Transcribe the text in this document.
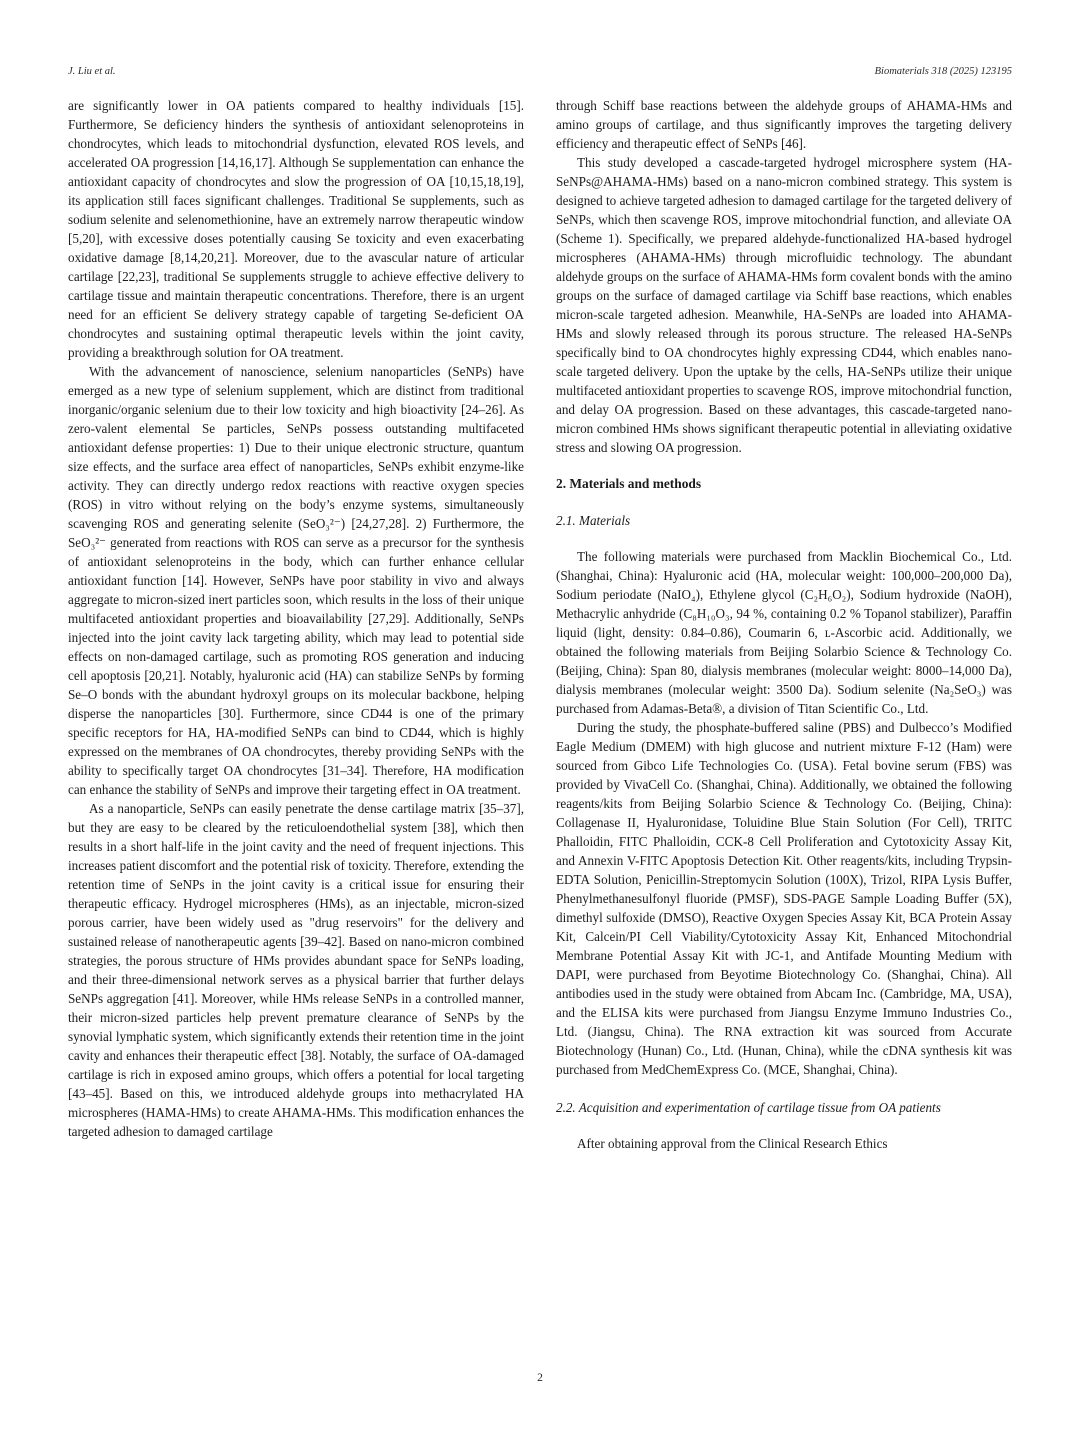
J. Liu et al.	Biomaterials 318 (2025) 123195

are significantly lower in OA patients compared to healthy individuals [15]. Furthermore, Se deficiency hinders the synthesis of antioxidant selenoproteins in chondrocytes, which leads to mitochondrial dysfunction, elevated ROS levels, and accelerated OA progression [14,16,17]. Although Se supplementation can enhance the antioxidant capacity of chondrocytes and slow the progression of OA [10,15,18,19], its application still faces significant challenges. Traditional Se supplements, such as sodium selenite and selenomethionine, have an extremely narrow therapeutic window [5,20], with excessive doses potentially causing Se toxicity and even exacerbating oxidative damage [8,14,20,21]. Moreover, due to the avascular nature of articular cartilage [22,23], traditional Se supplements struggle to achieve effective delivery to cartilage tissue and maintain therapeutic concentrations. Therefore, there is an urgent need for an efficient Se delivery strategy capable of targeting Se-deficient OA chondrocytes and sustaining optimal therapeutic levels within the joint cavity, providing a breakthrough solution for OA treatment.

With the advancement of nanoscience, selenium nanoparticles (SeNPs) have emerged as a new type of selenium supplement, which are distinct from traditional inorganic/organic selenium due to their low toxicity and high bioactivity [24–26]. As zero-valent elemental Se particles, SeNPs possess outstanding multifaceted antioxidant defense properties: 1) Due to their unique electronic structure, quantum size effects, and the surface area effect of nanoparticles, SeNPs exhibit enzyme-like activity. They can directly undergo redox reactions with reactive oxygen species (ROS) in vitro without relying on the body’s enzyme systems, simultaneously scavenging ROS and generating selenite (SeO₃²⁻) [24,27,28]. 2) Furthermore, the SeO₃²⁻ generated from reactions with ROS can serve as a precursor for the synthesis of antioxidant selenoproteins in the body, which can further enhance cellular antioxidant function [14]. However, SeNPs have poor stability in vivo and always aggregate to micron-sized inert particles soon, which results in the loss of their unique multifaceted antioxidant properties and bioavailability [27,29]. Additionally, SeNPs injected into the joint cavity lack targeting ability, which may lead to potential side effects on non-damaged cartilage, such as promoting ROS generation and inducing cell apoptosis [20,21]. Notably, hyaluronic acid (HA) can stabilize SeNPs by forming Se–O bonds with the abundant hydroxyl groups on its molecular backbone, helping disperse the nanoparticles [30]. Furthermore, since CD44 is one of the primary specific receptors for HA, HA-modified SeNPs can bind to CD44, which is highly expressed on the membranes of OA chondrocytes, thereby providing SeNPs with the ability to specifically target OA chondrocytes [31–34]. Therefore, HA modification can enhance the stability of SeNPs and improve their targeting effect in OA treatment.

As a nanoparticle, SeNPs can easily penetrate the dense cartilage matrix [35–37], but they are easy to be cleared by the reticuloendothelial system [38], which then results in a short half-life in the joint cavity and the need of frequent injections. This increases patient discomfort and the potential risk of toxicity. Therefore, extending the retention time of SeNPs in the joint cavity is a critical issue for ensuring their therapeutic efficacy. Hydrogel microspheres (HMs), as an injectable, micron-sized porous carrier, have been widely used as "drug reservoirs" for the delivery and sustained release of nanotherapeutic agents [39–42]. Based on nano-micron combined strategies, the porous structure of HMs provides abundant space for SeNPs loading, and their three-dimensional network serves as a physical barrier that further delays SeNPs aggregation [41]. Moreover, while HMs release SeNPs in a controlled manner, their micron-sized particles help prevent premature clearance of SeNPs by the synovial lymphatic system, which significantly extends their retention time in the joint cavity and enhances their therapeutic effect [38]. Notably, the surface of OA-damaged cartilage is rich in exposed amino groups, which offers a potential for local targeting [43–45]. Based on this, we introduced aldehyde groups into methacrylated HA microspheres (HAMA-HMs) to create AHAMA-HMs. This modification enhances the targeted adhesion to damaged cartilage

through Schiff base reactions between the aldehyde groups of AHAMA-HMs and amino groups of cartilage, and thus significantly improves the targeting delivery efficiency and therapeutic effect of SeNPs [46].

This study developed a cascade-targeted hydrogel microsphere system (HA-SeNPs@AHAMA-HMs) based on a nano-micron combined strategy. This system is designed to achieve targeted adhesion to damaged cartilage for the targeted delivery of SeNPs, which then scavenge ROS, improve mitochondrial function, and alleviate OA (Scheme 1). Specifically, we prepared aldehyde-functionalized HA-based hydrogel microspheres (AHAMA-HMs) through microfluidic technology. The abundant aldehyde groups on the surface of AHAMA-HMs form covalent bonds with the amino groups on the surface of damaged cartilage via Schiff base reactions, which enables micron-scale targeted adhesion. Meanwhile, HA-SeNPs are loaded into AHAMA-HMs and slowly released through its porous structure. The released HA-SeNPs specifically bind to OA chondrocytes highly expressing CD44, which enables nano-scale targeted delivery. Upon the uptake by the cells, HA-SeNPs utilize their unique multifaceted antioxidant properties to scavenge ROS, improve mitochondrial function, and delay OA progression. Based on these advantages, this cascade-targeted nano-micron combined HMs shows significant therapeutic potential in alleviating oxidative stress and slowing OA progression.

2. Materials and methods
2.1. Materials

The following materials were purchased from Macklin Biochemical Co., Ltd. (Shanghai, China): Hyaluronic acid (HA, molecular weight: 100,000–200,000 Da), Sodium periodate (NaIO₄), Ethylene glycol (C₂H₆O₂), Sodium hydroxide (NaOH), Methacrylic anhydride (C₈H₁₀O₃, 94 %, containing 0.2 % Topanol stabilizer), Paraffin liquid (light, density: 0.84–0.86), Coumarin 6, ʟ-Ascorbic acid. Additionally, we obtained the following materials from Beijing Solarbio Science & Technology Co. (Beijing, China): Span 80, dialysis membranes (molecular weight: 8000–14,000 Da), dialysis membranes (molecular weight: 3500 Da). Sodium selenite (Na₂SeO₃) was purchased from Adamas-Beta®, a division of Titan Scientific Co., Ltd.

During the study, the phosphate-buffered saline (PBS) and Dulbecco’s Modified Eagle Medium (DMEM) with high glucose and nutrient mixture F-12 (Ham) were sourced from Gibco Life Technologies Co. (USA). Fetal bovine serum (FBS) was provided by VivaCell Co. (Shanghai, China). Additionally, we obtained the following reagents/kits from Beijing Solarbio Science & Technology Co. (Beijing, China): Collagenase II, Hyaluronidase, Toluidine Blue Stain Solution (For Cell), TRITC Phalloidin, FITC Phalloidin, CCK-8 Cell Proliferation and Cytotoxicity Assay Kit, and Annexin V-FITC Apoptosis Detection Kit. Other reagents/kits, including Trypsin-EDTA Solution, Penicillin-Streptomycin Solution (100X), Trizol, RIPA Lysis Buffer, Phenylmethanesulfonyl fluoride (PMSF), SDS-PAGE Sample Loading Buffer (5X), dimethyl sulfoxide (DMSO), Reactive Oxygen Species Assay Kit, BCA Protein Assay Kit, Calcein/PI Cell Viability/Cytotoxicity Assay Kit, Enhanced Mitochondrial Membrane Potential Assay Kit with JC-1, and Antifade Mounting Medium with DAPI, were purchased from Beyotime Biotechnology Co. (Shanghai, China). All antibodies used in the study were obtained from Abcam Inc. (Cambridge, MA, USA), and the ELISA kits were purchased from Jiangsu Enzyme Immuno Industries Co., Ltd. (Jiangsu, China). The RNA extraction kit was sourced from Accurate Biotechnology (Hunan) Co., Ltd. (Hunan, China), while the cDNA synthesis kit was purchased from MedChemExpress Co. (MCE, Shanghai, China).

2.2. Acquisition and experimentation of cartilage tissue from OA patients

After obtaining approval from the Clinical Research Ethics

2
